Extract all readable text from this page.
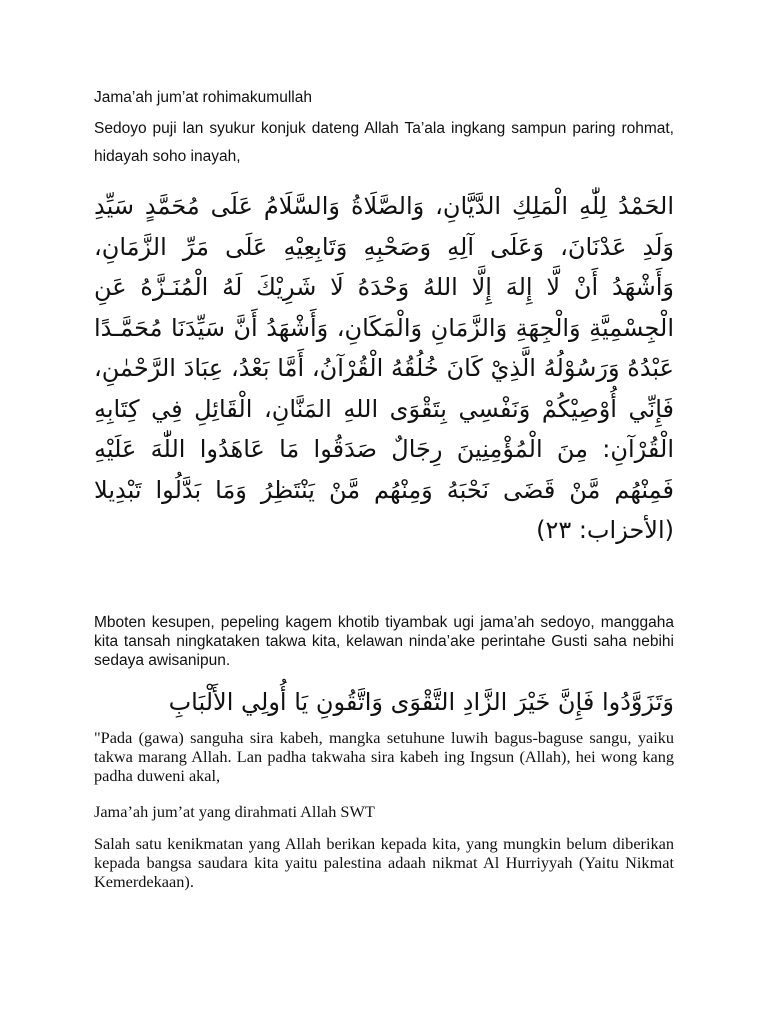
Jama’ah jum’at rohimakumullah

Sedoyo puji lan syukur konjuk dateng Allah Ta’ala ingkang sampun paring rohmat, hidayah soho inayah,

الحَمْدُ لِلّٰهِ الْمَلِكِ الدَّيَّانِ، وَالصَّلَاةُ وَالسَّلَامُ عَلَى مُحَمَّدٍ سَيِّدِ وَلَدِ عَدْنَانَ، وَعَلَى آلِهِ وَصَحْبِهِ وَتَابِعِيْهِ عَلَى مَرِّ الزَّمَانِ، وَأَشْهَدُ أَنْ لَّا إِلهَ إِلَّا اللهُ وَحْدَهُ لَا شَرِيْكَ لَهُ الْمُنَـزَّهُ عَنِ الْجِسْمِيَّةِ وَالْجِهَةِ وَالزَّمَانِ وَالْمَكَانِ، وَأَشْهَدُ أَنَّ سَيِّدَنَا مُحَمَّـدًا عَبْدُهُ وَرَسُوْلُهُ الَّذِيْ كَانَ خُلُقُهُ الْقُرْآنُ، أَمَّا بَعْدُ، عِبَادَ الرَّحْمٰنِ، فَإِنِّي أُوْصِيْكُمْ وَنَفْسِي بِتَقْوَى اللهِ المَنَّانِ، الْقَائِلِ فِي كِتَابِهِ الْقُرْآنِ: مِنَ الْمُؤْمِنِينَ رِجَالٌ صَدَقُوا مَا عَاهَدُوا اللّٰهَ عَلَيْهِ فَمِنْهُم مَّنْ قَضَى نَحْبَهُ وَمِنْهُم مَّنْ يَنْتَظِرُ وَمَا بَدَّلُوا تَبْدِيلا (الأحزاب: ٢٣)

Mboten kesupen, pepeling kagem khotib tiyambak ugi jama’ah sedoyo, manggaha kita tansah ningkataken takwa kita, kelawan ninda’ake perintahe Gusti saha nebihi sedaya awisanipun.

وَتَزَوَّدُوا فَإِنَّ خَيْرَ الزَّادِ التَّقْوَى وَاتَّقُونِ يَا أُولِي الأَلْبَابِ

"Pada (gawa) sanguha sira kabeh, mangka setuhune luwih bagus-baguse sangu, yaiku takwa marang Allah. Lan padha takwaha sira kabeh ing Ingsun (Allah), hei wong kang padha duweni akal,

Jama’ah jum’at yang dirahmati Allah SWT

Salah satu kenikmatan yang Allah berikan kepada kita, yang mungkin belum diberikan kepada bangsa saudara kita yaitu palestina adaah nikmat Al Hurriyyah (Yaitu Nikmat Kemerdekaan).
